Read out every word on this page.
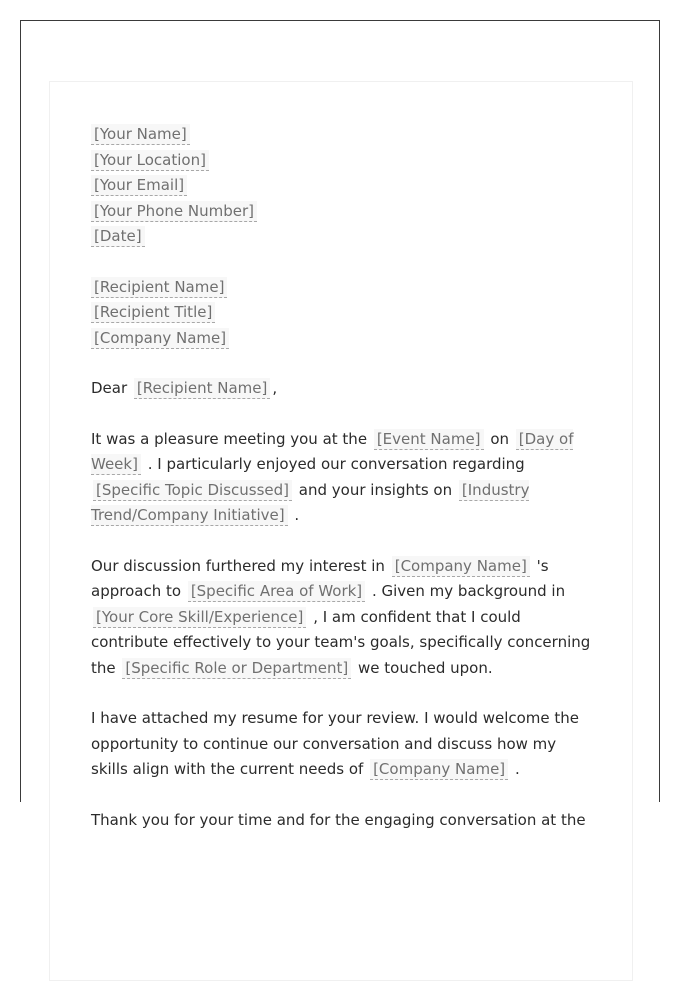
[Your Name]
[Your Location]
[Your Email]
[Your Phone Number]
[Date]
[Recipient Name]
[Recipient Title]
[Company Name]

Dear [Recipient Name] ,

It was a pleasure meeting you at the [Event Name] on [Day of Week] . I particularly enjoyed our conversation regarding [Specific Topic Discussed] and your insights on [Industry Trend/Company Initiative] .

Our discussion furthered my interest in [Company Name] 's approach to [Specific Area of Work] . Given my background in [Your Core Skill/Experience] , I am confident that I could contribute effectively to your team's goals, specifically concerning the [Specific Role or Department] we touched upon.

I have attached my resume for your review. I would welcome the opportunity to continue our conversation and discuss how my skills align with the current needs of [Company Name] .

Thank you for your time and for the engaging conversation at the
